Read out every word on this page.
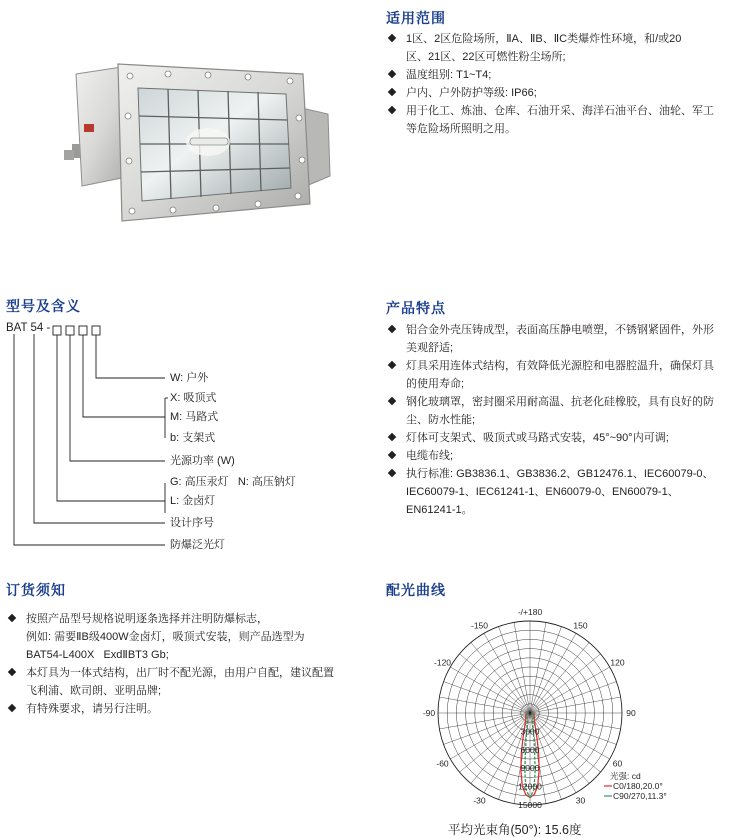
适用范围
1区、2区危险场所，ⅡA、ⅡB、ⅡC类爆炸性环境，和/或20
区、21区、22区可燃性粉尘场所;
温度组别: T1~T4;
户内、户外防护等级: IP66;
用于化工、炼油、仓库、石油开采、海洋石油平台、油轮、军工
等危险场所照明之用。
型号及含义
BAT 54 -
W: 户外
X: 吸顶式
M: 马路式
b: 支架式
光源功率 (W)
G: 高压汞灯   N: 高压钠灯
L: 金卤灯
设计序号
防爆泛光灯
产品特点
铝合金外壳压铸成型，表面高压静电喷塑，不锈钢紧固件，外形
美观舒适;
灯具采用连体式结构，有效降低光源腔和电器腔温升，确保灯具
的使用寿命;
钢化玻璃罩，密封圈采用耐高温、抗老化硅橡胶，具有良好的防
尘、防水性能;
灯体可支架式、吸顶式或马路式安装，45°~90°内可调;
电缆布线;
执行标准: GB3836.1、GB3836.2、GB12476.1、IEC60079-0、
IEC60079-1、IEC61241-1、EN60079-0、EN60079-1、
EN61241-1。
订货须知
按照产品型号规格说明逐条选择并注明防爆标志，
例如: 需要ⅡB级400W金卤灯，吸顶式安装，则产品选型为
BAT54-L400X   ExdⅡBT3 Gb;
本灯具为一体式结构，出厂时不配光源，由用户自配，建议配置
飞利浦、欧司朗、亚明品牌;
有特殊要求，请另行注明。
配光曲线
-/+180
-150	150
-120	120
-90	90
-60	60
-30	30
3000
6000
9000
12000
15000
光强: cd
C0/180,20.0°
C90/270,11.3°
平均光束角(50°): 15.6度
